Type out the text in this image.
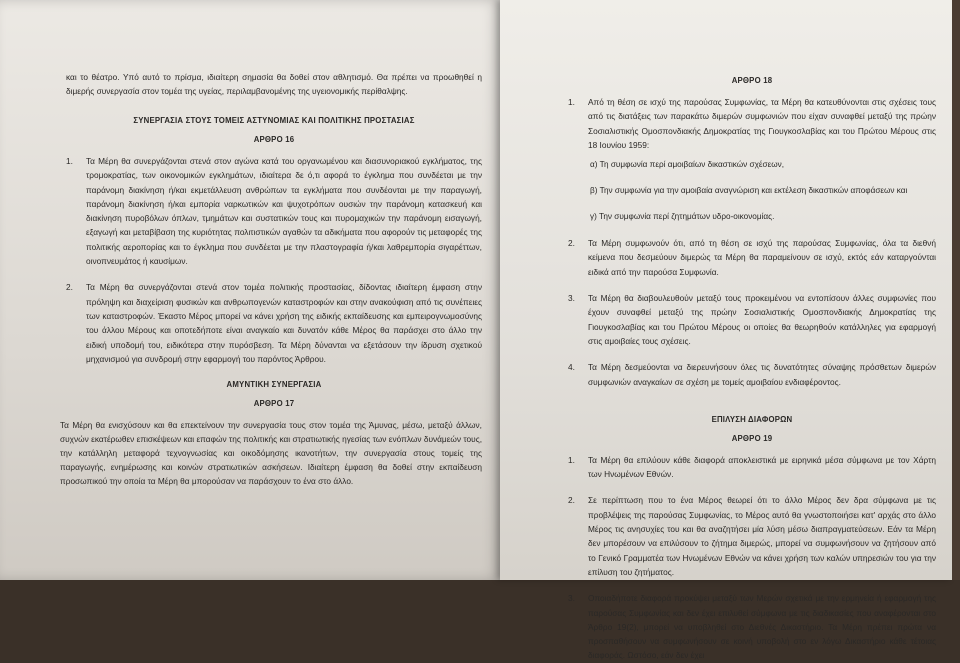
και το θέατρο. Υπό αυτό το πρίσμα, ιδιαίτερη σημασία θα δοθεί στον αθλητισμό. Θα πρέπει να προωθηθεί η διμερής συνεργασία στον τομέα της υγείας, περιλαμβανομένης της υγειονομικής περίθαλψης.

ΣΥΝΕΡΓΑΣΙΑ ΣΤΟΥΣ ΤΟΜΕΙΣ ΑΣΤΥΝΟΜΙΑΣ ΚΑΙ ΠΟΛΙΤΙΚΗΣ ΠΡΟΣΤΑΣΙΑΣ
ΑΡΘΡΟ 16
1.	Τα Μέρη θα συνεργάζονται στενά στον αγώνα κατά του οργανωμένου και διασυνοριακού εγκλήματος, της τρομοκρατίας, των οικονομικών εγκλημάτων, ιδιαίτερα δε ό,τι αφορά το έγκλημα που συνδέεται με την παράνομη διακίνηση ή/και εκμετάλλευση ανθρώπων τα εγκλήματα που συνδέονται με την παραγωγή, παράνομη διακίνηση ή/και εμπορία ναρκωτικών και ψυχοτρόπων ουσιών την παράνομη κατασκευή και διακίνηση πυροβόλων όπλων, τμημάτων και συστατικών τους και πυρομαχικών την παράνομη εισαγωγή, εξαγωγή και μεταβίβαση της κυριότητας πολιτιστικών αγαθών τα αδικήματα που αφορούν τις μεταφορές της πολιτικής αεροπορίας και το έγκλημα που συνδέεται με την πλαστογραφία ή/και λαθρεμπορία σιγαρέττων, οινοπνευμάτος ή καυσίμων.
2.	Τα Μέρη θα συνεργάζονται στενά στον τομέα πολιτικής προστασίας, δίδοντας ιδιαίτερη έμφαση στην πρόληψη και διαχείριση φυσικών και ανθρωπογενών καταστροφών και στην ανακούφιση από τις συνέπειες των καταστροφών. Έκαστο Μέρος μπορεί να κάνει χρήση της ειδικής εκπαίδευσης και εμπειρογνωμοσύνης του άλλου Μέρους και οποτεδήποτε είναι αναγκαίο και δυνατόν κάθε Μέρος θα παράσχει στο άλλο την ειδική υποδομή του, ειδικότερα στην πυρόσβεση. Τα Μέρη δύνανται να εξετάσουν την ίδρυση σχετικού μηχανισμού για συνδρομή στην εφαρμογή του παρόντος Άρθρου.
ΑΜΥΝΤΙΚΗ ΣΥΝΕΡΓΑΣΙΑ
ΑΡΘΡΟ 17

Τα Μέρη θα ενισχύσουν και θα επεκτείνουν την συνεργασία τους στον τομέα της Άμυνας, μέσω, μεταξύ άλλων, συχνών εκατέρωθεν επισκέψεων και επαφών της πολιτικής και στρατιωτικής ηγεσίας των ενόπλων δυνάμεών τους, την κατάλληλη μεταφορά τεχνογνωσίας και οικοδόμησης ικανοτήτων, την συνεργασία στους τομείς της παραγωγής, ενημέρωσης και κοινών στρατιωτικών ασκήσεων. Ιδιαίτερη έμφαση θα δοθεί στην εκπαίδευση προσωπικού την οποία τα Μέρη θα μπορούσαν να παράσχουν το ένα στο άλλο.

ΑΡΘΡΟ 18
1.	Από τη θέση σε ισχύ της παρούσας Συμφωνίας, τα Μέρη θα κατευθύνονται στις σχέσεις τους από τις διατάξεις των παρακάτω διμερών συμφωνιών που είχαν συναφθεί μεταξύ της πρώην Σοσιαλιστικής Ομοσπονδιακής Δημοκρατίας της Γιουγκοσλαβίας και του Πρώτου Μέρους στις 18 Ιουνίου 1959:
α) Τη συμφωνία περί αμοιβαίων δικαστικών σχέσεων,
β) Την συμφωνία για την αμοιβαία αναγνώριση και εκτέλεση δικαστικών αποφάσεων και
γ) Την συμφωνία περί ζητημάτων υδρο-οικονομίας.
2.	Τα Μέρη συμφωνούν ότι, από τη θέση σε ισχύ της παρούσας Συμφωνίας, όλα τα διεθνή κείμενα που δεσμεύουν διμερώς τα Μέρη θα παραμείνουν σε ισχύ, εκτός εάν καταργούνται ειδικά από την παρούσα Συμφωνία.
3.	Τα Μέρη θα διαβουλευθούν μεταξύ τους προκειμένου να εντοπίσουν άλλες συμφωνίες που έχουν συναφθεί μεταξύ της πρώην Σοσιαλιστικής Ομοσπονδιακής Δημοκρατίας της Γιουγκοσλαβίας και του Πρώτου Μέρους οι οποίες θα θεωρηθούν κατάλληλες για εφαρμογή στις αμοιβαίες τους σχέσεις.
4.	Τα Μέρη δεσμεύονται να διερευνήσουν όλες τις δυνατότητες σύναψης πρόσθετων διμερών συμφωνιών αναγκαίων σε σχέση με τομείς αμοιβαίου ενδιαφέροντος.
ΕΠΙΛΥΣΗ ΔΙΑΦΟΡΩΝ
ΑΡΘΡΟ 19
1.	Τα Μέρη θα επιλύουν κάθε διαφορά αποκλειστικά με ειρηνικά μέσα σύμφωνα με τον Χάρτη των Ηνωμένων Εθνών.
2.	Σε περίπτωση που το ένα Μέρος θεωρεί ότι το άλλο Μέρος δεν δρα σύμφωνα με τις προβλέψεις της παρούσας Συμφωνίας, το Μέρος αυτό θα γνωστοποιήσει κατ' αρχάς στο άλλο Μέρος τις ανησυχίες του και θα αναζητήσει μία λύση μέσω διαπραγματεύσεων. Εάν τα Μέρη δεν μπορέσουν να επιλύσουν το ζήτημα διμερώς, μπορεί να συμφωνήσουν να ζητήσουν από το Γενικό Γραμματέα των Ηνωμένων Εθνών να κάνει χρήση των καλών υπηρεσιών του για την επίλυση του ζητήματος.
3.	Οποιαδήποτε διαφορά προκύψει μεταξύ των Μερών σχετικά με την ερμηνεία ή εφαρμογή της παρούσας Συμφωνίας και δεν έχει επιλυθεί σύμφωνα με τις διαδικασίες που αναφέρονται στο Άρθρο 19(2), μπορεί να υποβληθεί στο Διεθνές Δικαστήριο. Τα Μέρη πρέπει πρώτα να προσπαθήσουν να συμφωνήσουν σε κοινή υποβολή στο εν λόγω Δικαστήριο κάθε τέτοιας διαφοράς. Ωστόσο, εάν δεν έχει
